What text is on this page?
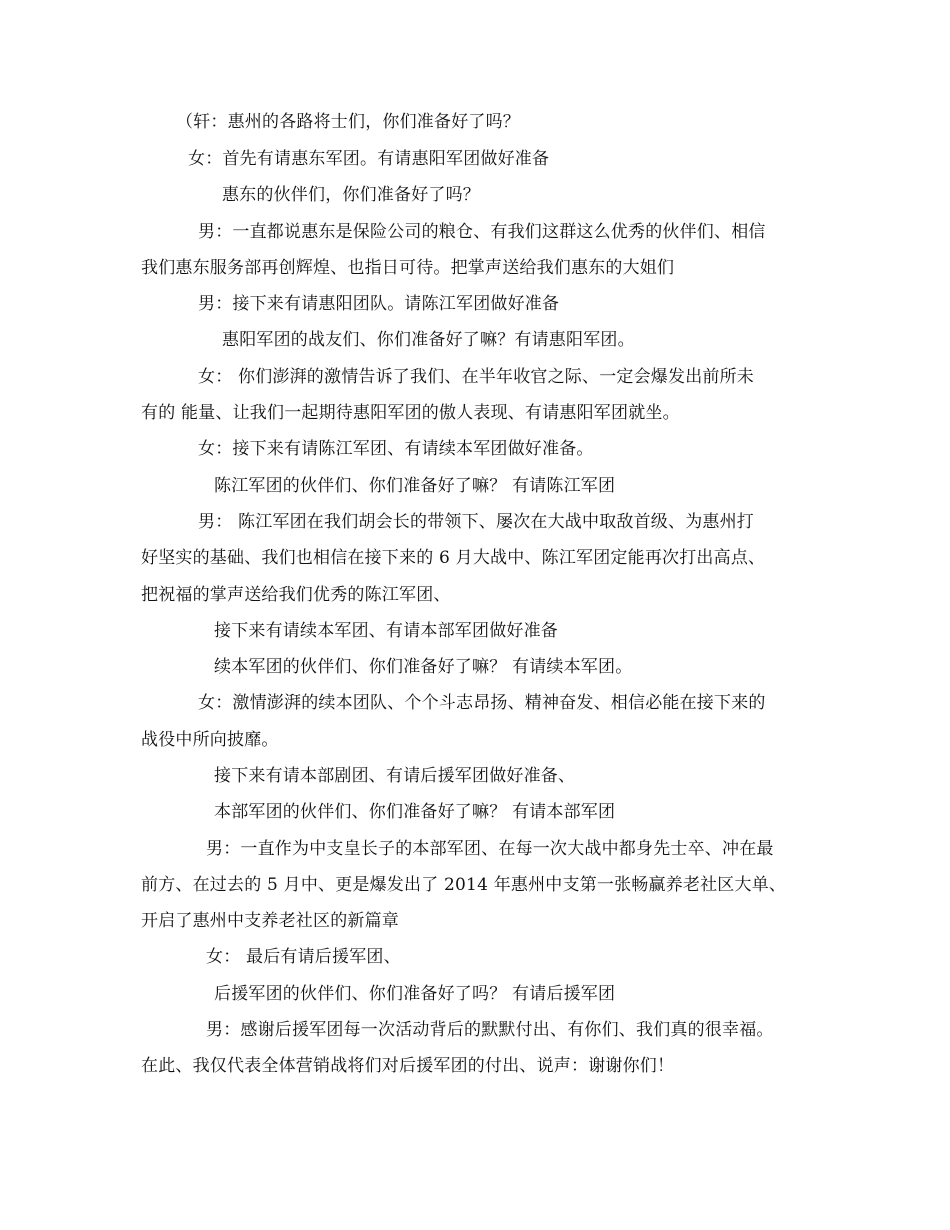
（轩：惠州的各路将士们，你们准备好了吗？
女：首先有请惠东军团。有请惠阳军团做好准备
惠东的伙伴们，你们准备好了吗？
男：一直都说惠东是保险公司的粮仓、有我们这群这么优秀的伙伴们、相信
我们惠东服务部再创辉煌、也指日可待。把掌声送给我们惠东的大姐们
男：接下来有请惠阳团队。请陈江军团做好准备
惠阳军团的战友们、你们准备好了嘛？有请惠阳军团。
女： 你们澎湃的激情告诉了我们、在半年收官之际、一定会爆发出前所未
有的 能量、让我们一起期待惠阳军团的傲人表现、有请惠阳军团就坐。
女：接下来有请陈江军团、有请续本军团做好准备。
陈江军团的伙伴们、你们准备好了嘛？ 有请陈江军团
男： 陈江军团在我们胡会长的带领下、屡次在大战中取敌首级、为惠州打
好坚实的基础、我们也相信在接下来的 6 月大战中、陈江军团定能再次打出高点、
把祝福的掌声送给我们优秀的陈江军团、
接下来有请续本军团、有请本部军团做好准备
续本军团的伙伴们、你们准备好了嘛？ 有请续本军团。
女：激情澎湃的续本团队、个个斗志昂扬、精神奋发、相信必能在接下来的
战役中所向披靡。
接下来有请本部剧团、有请后援军团做好准备、
本部军团的伙伴们、你们准备好了嘛？ 有请本部军团
男：一直作为中支皇长子的本部军团、在每一次大战中都身先士卒、冲在最
前方、在过去的 5 月中、更是爆发出了 2014 年惠州中支第一张畅赢养老社区大单、
开启了惠州中支养老社区的新篇章
女： 最后有请后援军团、
后援军团的伙伴们、你们准备好了吗？ 有请后援军团
男：感谢后援军团每一次活动背后的默默付出、有你们、我们真的很幸福。
在此、我仅代表全体营销战将们对后援军团的付出、说声：谢谢你们！
